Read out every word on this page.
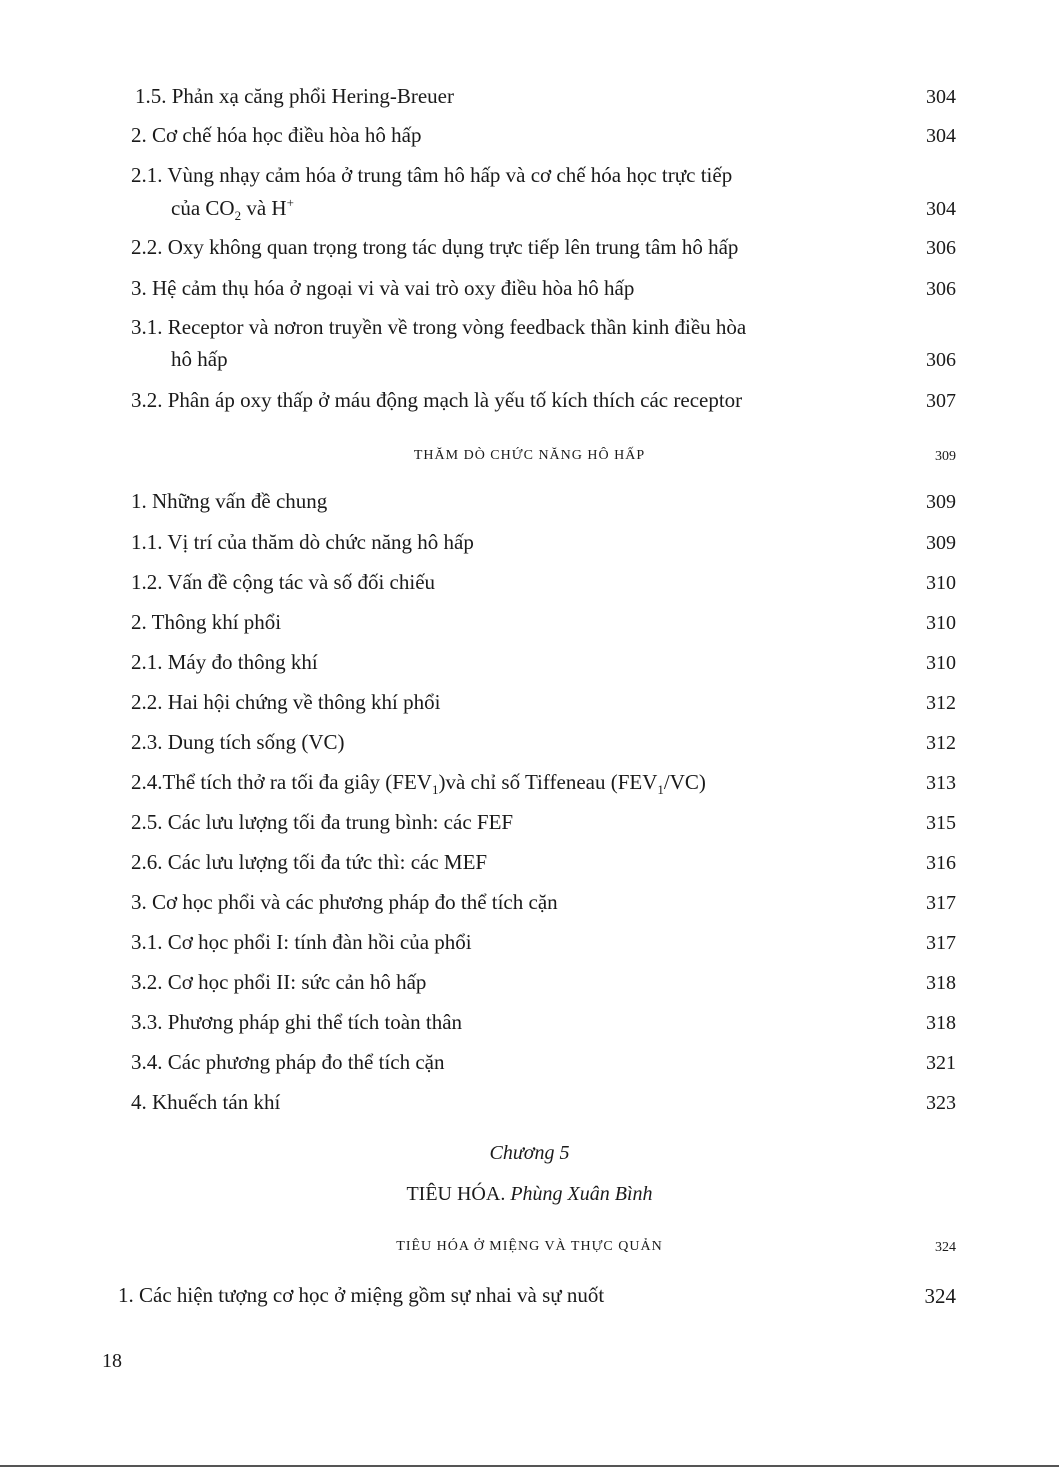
1.5. Phản xạ căng phổi Hering-Breuer	304
2. Cơ chế hóa học điều hòa hô hấp	304
2.1. Vùng nhạy cảm hóa ở trung tâm hô hấp và cơ chế hóa học trực tiếp
của $CO_2$ và H+	304
2.2. Oxy không quan trọng trong tác dụng trực tiếp lên trung tâm hô hấp	306
3. Hệ cảm thụ hóa ở ngoại vi và vai trò oxy điều hòa hô hấp	306
3.1. Receptor và nơron truyền về trong vòng feedback thần kinh điều hòa
hô hấp	306
3.2. Phân áp oxy thấp ở máu động mạch là yếu tố kích thích các receptor	307
THĂM DÒ CHỨC NĂNG HÔ HẤP	309
1. Những vấn đề chung	309
1.1. Vị trí của thăm dò chức năng hô hấp	309
1.2. Vấn đề cộng tác và số đối chiếu	310
2. Thông khí phổi	310
2.1. Máy đo thông khí	310
2.2. Hai hội chứng về thông khí phổi	312
2.3. Dung tích sống (VC)	312
2.4.Thể tích thở ra tối đa giây $(FEV_1)và$ chỉ số Tiffeneau $(FEV_1/VC)$	313
2.5. Các lưu lượng tối đa trung bình: các FEF	315
2.6. Các lưu lượng tối đa tức thì: các MEF	316
3. Cơ học phổi và các phương pháp đo thể tích cặn	317
3.1. Cơ học phổi I: tính đàn hồi của phổi	317
3.2. Cơ học phổi II: sức cản hô hấp	318
3.3. Phương pháp ghi thể tích toàn thân	318
3.4. Các phương pháp đo thể tích cặn	321
4. Khuếch tán khí	323
Chương 5
TIÊU HÓA. Phùng Xuân Bình
TIÊU HÓA Ở MIỆNG VÀ THỰC QUẢN	324
1. Các hiện tượng cơ học ở miệng gồm sự nhai và sự nuốt	324
18
